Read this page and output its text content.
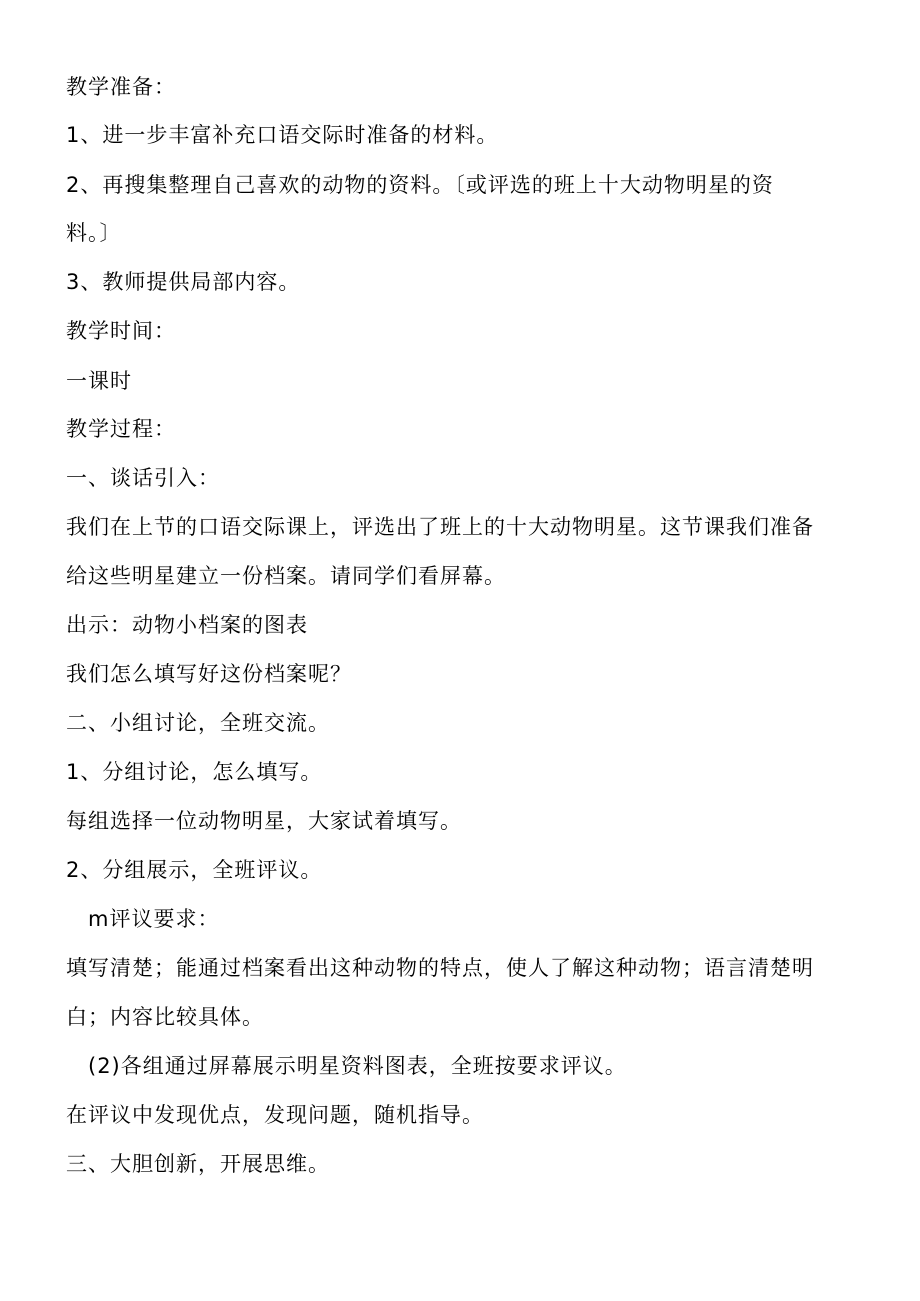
教学准备：
1、进一步丰富补充口语交际时准备的材料。
2、再搜集整理自己喜欢的动物的资料。〔或评选的班上十大动物明星的资
料。〕
3、教师提供局部内容。
教学时间：
一课时
教学过程：
一、谈话引入：
我们在上节的口语交际课上，评选出了班上的十大动物明星。这节课我们准备
给这些明星建立一份档案。请同学们看屏幕。
出示：动物小档案的图表
我们怎么填写好这份档案呢？
二、小组讨论，全班交流。
1、分组讨论，怎么填写。
每组选择一位动物明星，大家试着填写。
2、分组展示，全班评议。
m评议要求：
填写清楚；能通过档案看出这种动物的特点，使人了解这种动物；语言清楚明
白；内容比较具体。
(2)各组通过屏幕展示明星资料图表，全班按要求评议。
在评议中发现优点，发现问题，随机指导。
三、大胆创新，开展思维。
